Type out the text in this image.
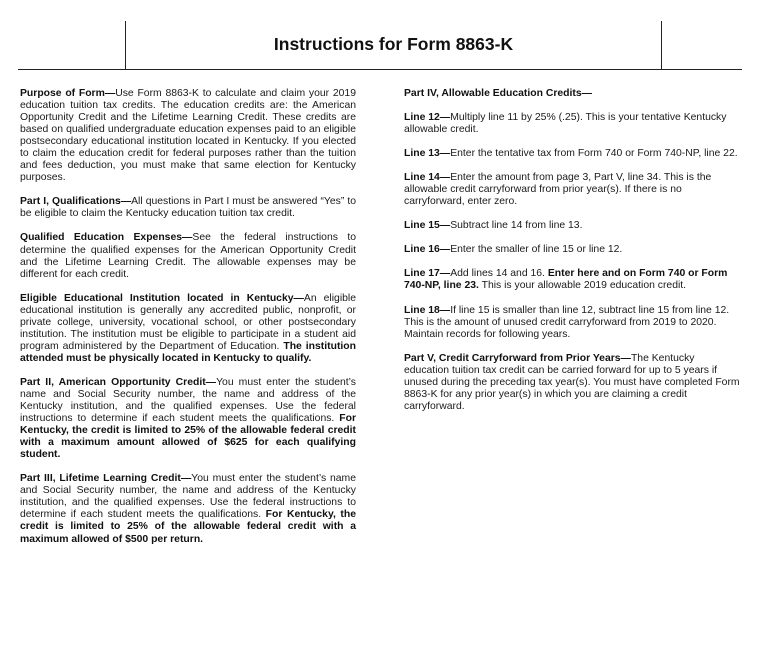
Instructions for Form 8863-K

Purpose of Form—Use Form 8863-K to calculate and claim your 2019 education tuition tax credits. The education credits are: the American Opportunity Credit and the Lifetime Learning Credit. These credits are based on qualified undergraduate education expenses paid to an eligible postsecondary educational institution located in Kentucky. If you elected to claim the education credit for federal purposes rather than the tuition and fees deduction, you must make that same election for Kentucky purposes.

Part I, Qualifications—All questions in Part I must be answered “Yes” to be eligible to claim the Kentucky education tuition tax credit.

Qualified Education Expenses—See the federal instructions to determine the qualified expenses for the American Opportunity Credit and the Lifetime Learning Credit. The allowable expenses may be different for each credit.

Eligible Educational Institution located in Kentucky—An eligible educational institution is generally any accredited public, nonprofit, or private college, university, vocational school, or other postsecondary institution. The institution must be eligible to participate in a student aid program administered by the Department of Education. The institution attended must be physically located in Kentucky to qualify.

Part II, American Opportunity Credit—You must enter the student’s name and Social Security number, the name and address of the Kentucky institution, and the qualified expenses. Use the federal instructions to determine if each student meets the qualifications. For Kentucky, the credit is limited to 25% of the allowable federal credit with a maximum amount allowed of $625 for each qualifying student.

Part III, Lifetime Learning Credit—You must enter the student’s name and Social Security number, the name and address of the Kentucky institution, and the qualified expenses. Use the federal instructions to determine if each student meets the qualifications. For Kentucky, the credit is limited to 25% of the allowable federal credit with a maximum allowed of $500 per return.

Part IV, Allowable Education Credits—

Line 12—Multiply line 11 by 25% (.25). This is your tentative Kentucky allowable credit.

Line 13—Enter the tentative tax from Form 740 or Form 740-NP, line 22.

Line 14—Enter the amount from page 3, Part V, line 34. This is the allowable credit carryforward from prior year(s). If there is no carryforward, enter zero.

Line 15—Subtract line 14 from line 13.

Line 16—Enter the smaller of line 15 or line 12.

Line 17—Add lines 14 and 16. Enter here and on Form 740 or Form 740-NP, line 23. This is your allowable 2019 education credit.

Line 18—If line 15 is smaller than line 12, subtract line 15 from line 12. This is the amount of unused credit carryforward from 2019 to 2020. Maintain records for following years.

Part V, Credit Carryforward from Prior Years—The Kentucky education tuition tax credit can be carried forward for up to 5 years if unused during the preceding tax year(s). You must have completed Form 8863-K for any prior year(s) in which you are claiming a credit carryforward.
